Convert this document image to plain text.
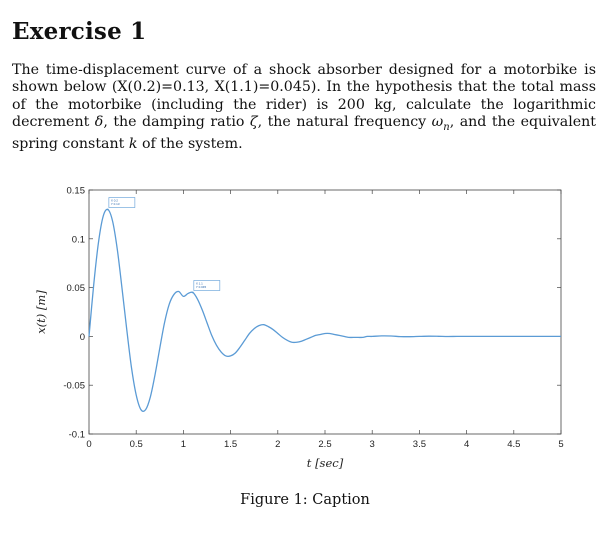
Exercise 1

The time-displacement curve of a shock absorber designed for a motorbike is shown below (X(0.2)=0.13, X(1.1)=0.045). In the hypothesis that the total mass of the motorbike (including the rider) is 200 kg, calculate the logarithmic decrement δ, the damping ratio ζ, the natural frequency $\omega_n$, and the equivalent spring constant k of the system.

0	0.5	1	1.5	2	2.5	3	3.5	4	4.5	5
-0.1
-0.05
0
0.05
0.1
0.15
X 0.2
Y 0.13
X 1.1
Y 0.045
t [sec]
x(t) [m]
Figure 1: Caption
